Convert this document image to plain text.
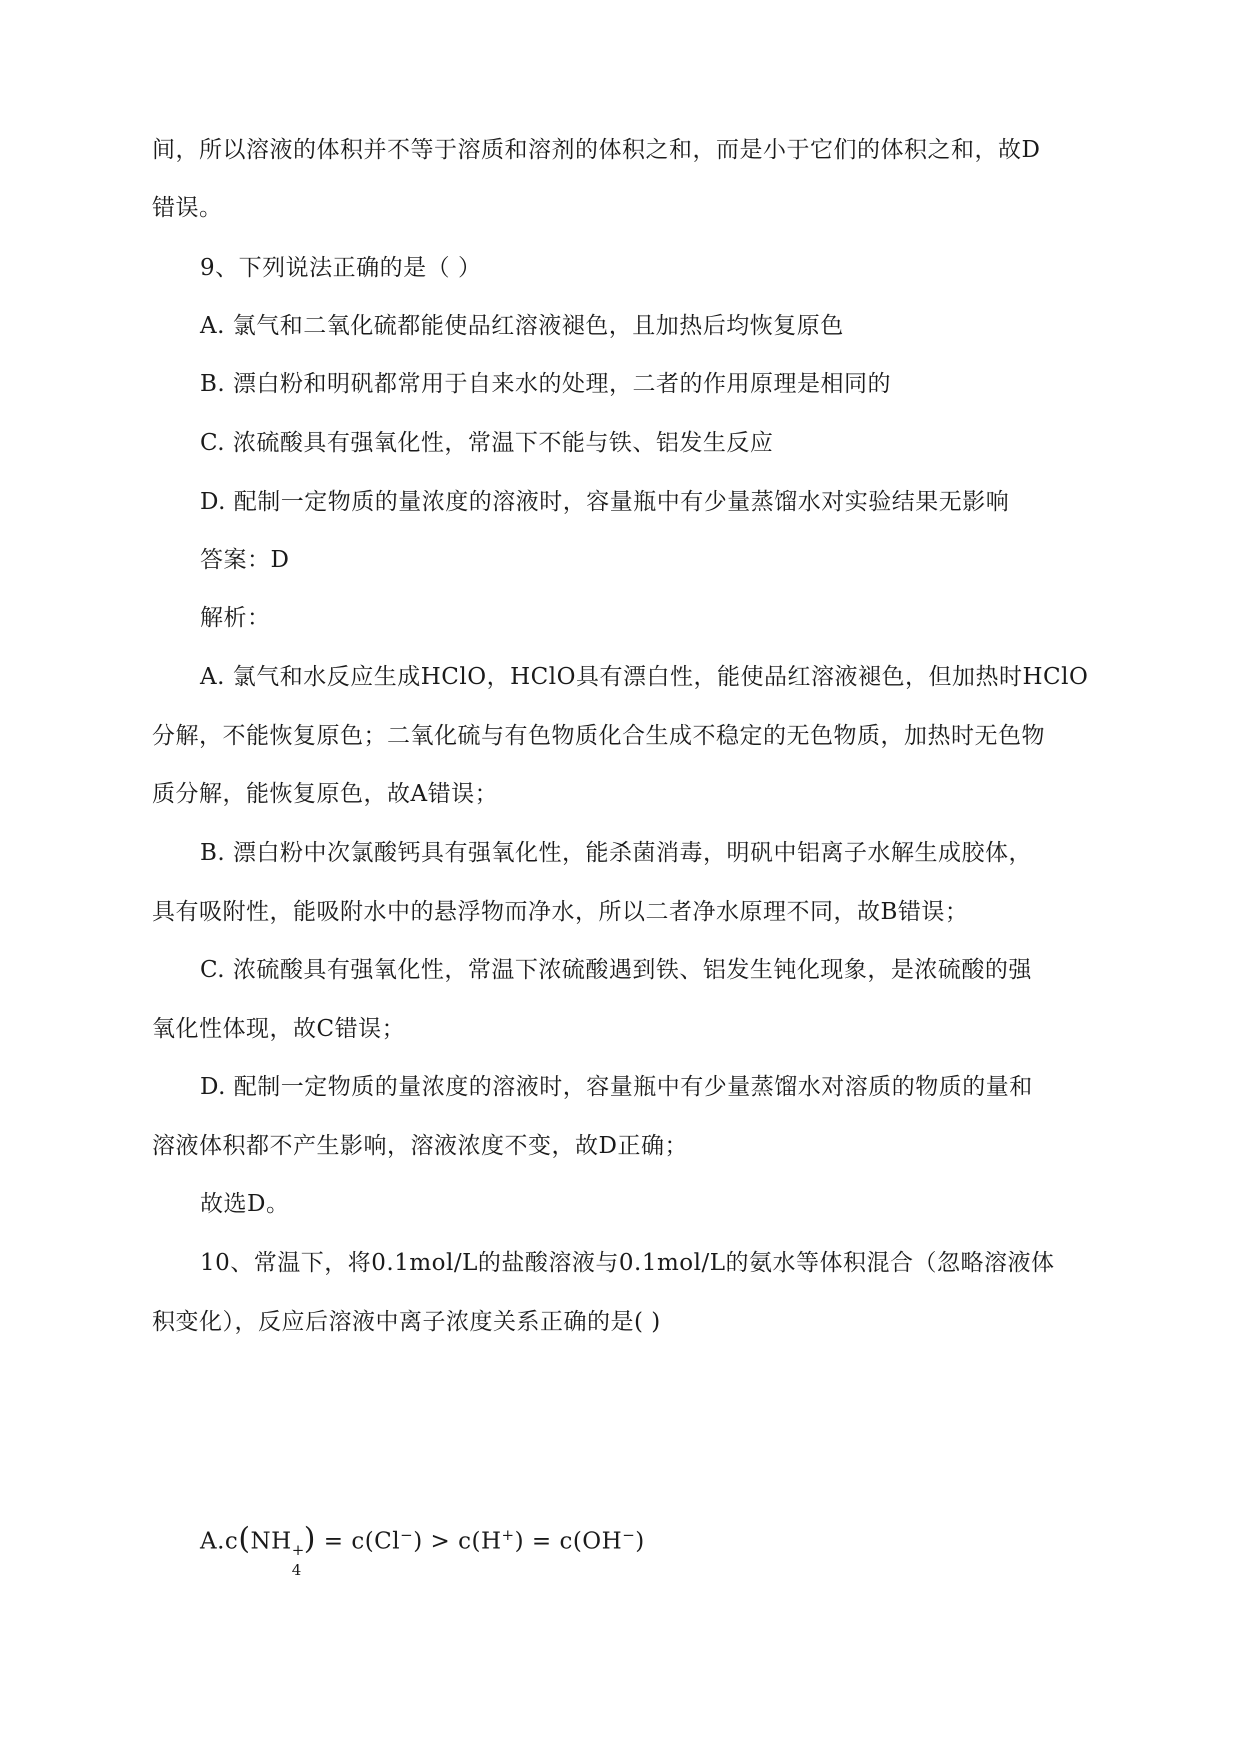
间，所以溶液的体积并不等于溶质和溶剂的体积之和，而是小于它们的体积之和，故D
错误。
9、下列说法正确的是（ ）
A. 氯气和二氧化硫都能使品红溶液褪色，且加热后均恢复原色
B. 漂白粉和明矾都常用于自来水的处理，二者的作用原理是相同的
C. 浓硫酸具有强氧化性，常温下不能与铁、铝发生反应
D. 配制一定物质的量浓度的溶液时，容量瓶中有少量蒸馏水对实验结果无影响
答案：D
解析：
A. 氯气和水反应生成HClO，HClO具有漂白性，能使品红溶液褪色，但加热时HClO
分解，不能恢复原色；二氧化硫与有色物质化合生成不稳定的无色物质，加热时无色物
质分解，能恢复原色，故A错误；
B. 漂白粉中次氯酸钙具有强氧化性，能杀菌消毒，明矾中铝离子水解生成胶体，
具有吸附性，能吸附水中的悬浮物而净水，所以二者净水原理不同，故B错误；
C. 浓硫酸具有强氧化性，常温下浓硫酸遇到铁、铝发生钝化现象，是浓硫酸的强
氧化性体现，故C错误；
D. 配制一定物质的量浓度的溶液时，容量瓶中有少量蒸馏水对溶质的物质的量和
溶液体积都不产生影响，溶液浓度不变，故D正确；
故选D。
10、常温下，将0.1mol/L的盐酸溶液与0.1mol/L的氨水等体积混合（忽略溶液体
积变化），反应后溶液中离子浓度关系正确的是( )
A.c(NH +
4
) = c(Cl−) > c(H+) = c(OH−)
